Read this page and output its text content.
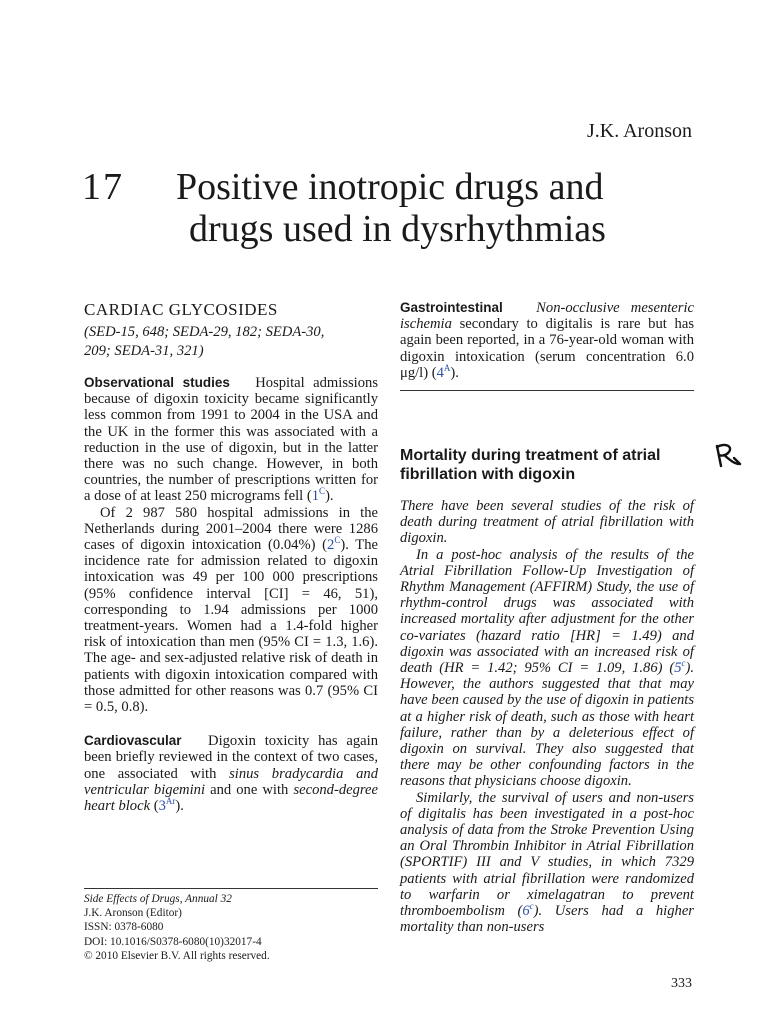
J.K. Aronson
17	Positive inotropic drugs and
drugs used in dysrhythmias

CARDIAC GLYCOSIDES

(SED-15, 648; SEDA-29, 182; SEDA-30,
209; SEDA-31, 321)

Observational studies Hospital admissions because of digoxin toxicity became significantly less common from 1991 to 2004 in the USA and the UK in the former this was associated with a reduction in the use of digoxin, but in the latter there was no such change. However, in both countries, the number of prescriptions written for a dose of at least 250 micrograms fell $(1^C)$.

Of 2 987 580 hospital admissions in the Netherlands during 2001–2004 there were 1286 cases of digoxin intoxication (0.04%) $(2^C)$. The incidence rate for admission related to digoxin intoxication was 49 per 100 000 prescriptions (95% confidence interval [CI] = 46, 51), corresponding to 1.94 admissions per 1000 treatment-years. Women had a 1.4-fold higher risk of intoxication than men (95% CI = 1.3, 1.6). The age- and sex-adjusted relative risk of death in patients with digoxin intoxication compared with those admitted for other reasons was 0.7 (95% CI = 0.5, 0.8).

Cardiovascular Digoxin toxicity has again been briefly reviewed in the context of two cases, one associated with sinus bradycardia and ventricular bigemini and one with second-degree heart block $(3^{Ar})$.

Side Effects of Drugs, Annual 32
J.K. Aronson (Editor)
ISSN: 0378-6080
DOI: 10.1016/S0378-6080(10)32017-4
© 2010 Elsevier B.V. All rights reserved.

Gastrointestinal Non-occlusive mesenteric ischemia secondary to digitalis is rare but has again been reported, in a 76-year-old woman with digoxin intoxication (serum concentration 6.0 μg/l) $(4^A)$.

Mortality during treatment of atrial fibrillation with digoxin

There have been several studies of the risk of death during treatment of atrial fibrillation with digoxin.

In a post-hoc analysis of the results of the Atrial Fibrillation Follow-Up Investigation of Rhythm Management (AFFIRM) Study, the use of rhythm-control drugs was associated with increased mortality after adjustment for the other co-variates (hazard ratio [HR] = 1.49) and digoxin was associated with an increased risk of death (HR = 1.42; 95% CI = 1.09, 1.86) (5$^c$). However, the authors suggested that that may have been caused by the use of digoxin in patients at a higher risk of death, such as those with heart failure, rather than by a deleterious effect of digoxin on survival. They also suggested that there may be other confounding factors in the reasons that physicians choose digoxin.

Similarly, the survival of users and non-users of digitalis has been investigated in a post-hoc analysis of data from the Stroke Prevention Using an Oral Thrombin Inhibitor in Atrial Fibrillation (SPORTIF) III and V studies, in which 7329 patients with atrial fibrillation were randomized to warfarin or ximelagatran to prevent thromboembolism (6$^c$). Users had a higher mortality than non-users

333
